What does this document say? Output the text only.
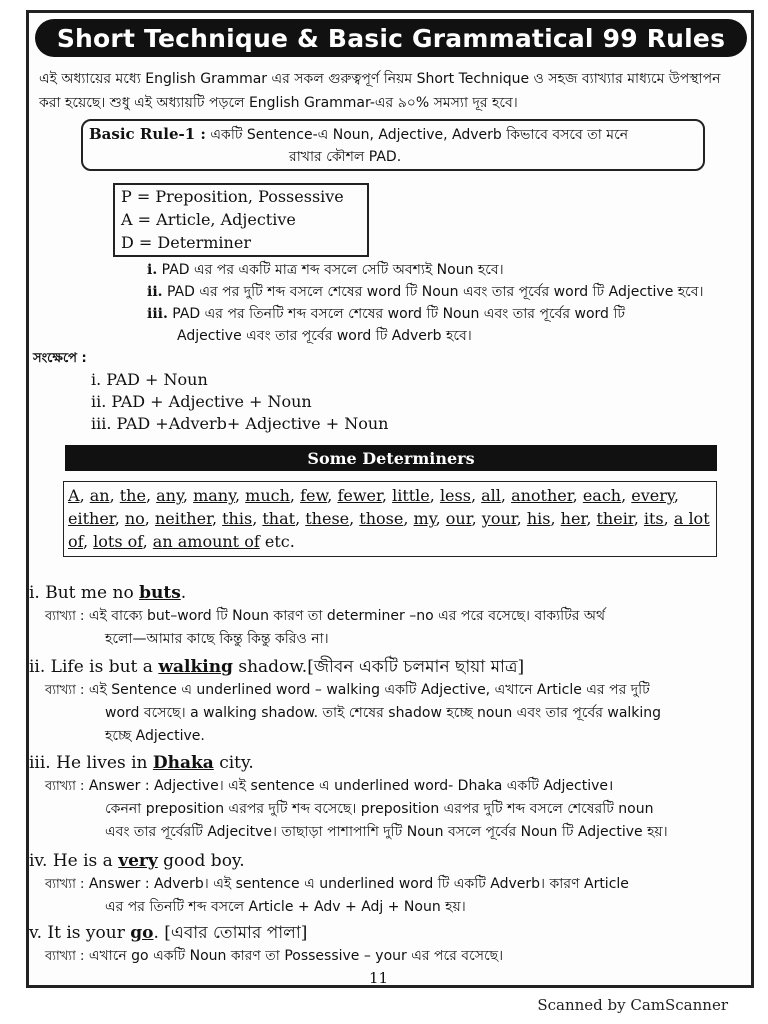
Short Technique & Basic Grammatical 99 Rules
এই অধ্যায়ের মধ্যে English Grammar এর সকল গুরুত্বপূর্ণ নিয়ম Short Technique ও সহজ ব্যাখ্যার মাধ্যমে উপস্থাপন করা হয়েছে। শুধু এই অধ্যায়টি পড়লে English Grammar-এর ৯০% সমস্যা দূর হবে।
Basic Rule-1 : একটি Sentence-এ Noun, Adjective, Adverb কিভাবে বসবে তা মনে
রাখার কৌশল PAD.
P = Preposition, Possessive
A = Article, Adjective
D = Determiner
i. PAD এর পর একটি মাত্র শব্দ বসলে সেটি অবশ্যই Noun হবে।
ii. PAD এর পর দুটি শব্দ বসলে শেষের word টি Noun এবং তার পূর্বের word টি Adjective হবে।
iii. PAD এর পর তিনটি শব্দ বসলে শেষের word টি Noun এবং তার পূর্বের word টি
Adjective এবং তার পূর্বের word টি Adverb হবে।
সংক্ষেপে :
i. PAD + Noun
ii. PAD + Adjective + Noun
iii. PAD +Adverb+ Adjective + Noun
Some Determiners
A, an, the, any, many, much, few, fewer, little, less, all, another, each, every, either, no, neither, this, that, these, those, my, our, your, his, her, their, its, a lot of, lots of, an amount of etc.
i. But me no buts.
ব্যাখ্যা : এই বাক্যে but–word টি Noun কারণ তা determiner –no এর পরে বসেছে। বাক্যটির অর্থ
হলো—আমার কাছে কিন্তু কিন্তু করিও না।
ii. Life is but a walking shadow.[জীবন একটি চলমান ছায়া মাত্র]
ব্যাখ্যা : এই Sentence এ underlined word – walking একটি Adjective, এখানে Article এর পর দুটি
word বসেছে। a walking shadow. তাই শেষের shadow হচ্ছে noun এবং তার পূর্বের walking
হচ্ছে Adjective.
iii. He lives in Dhaka city.
ব্যাখ্যা : Answer : Adjective। এই sentence এ underlined word- Dhaka একটি Adjective।
কেননা preposition এরপর দুটি শব্দ বসেছে। preposition এরপর দুটি শব্দ বসলে শেষেরটি noun
এবং তার পূর্বেরটি Adjecitve। তাছাড়া পাশাপাশি দুটি Noun বসলে পূর্বের Noun টি Adjective হয়।
iv. He is a very good boy.
ব্যাখ্যা : Answer : Adverb। এই sentence এ underlined word টি একটি Adverb। কারণ Article
এর পর তিনটি শব্দ বসলে Article + Adv + Adj + Noun হয়।
v. It is your go. [এবার তোমার পালা]
ব্যাখ্যা : এখানে go একটি Noun কারণ তা Possessive – your এর পরে বসেছে।
11
Scanned by CamScanner
